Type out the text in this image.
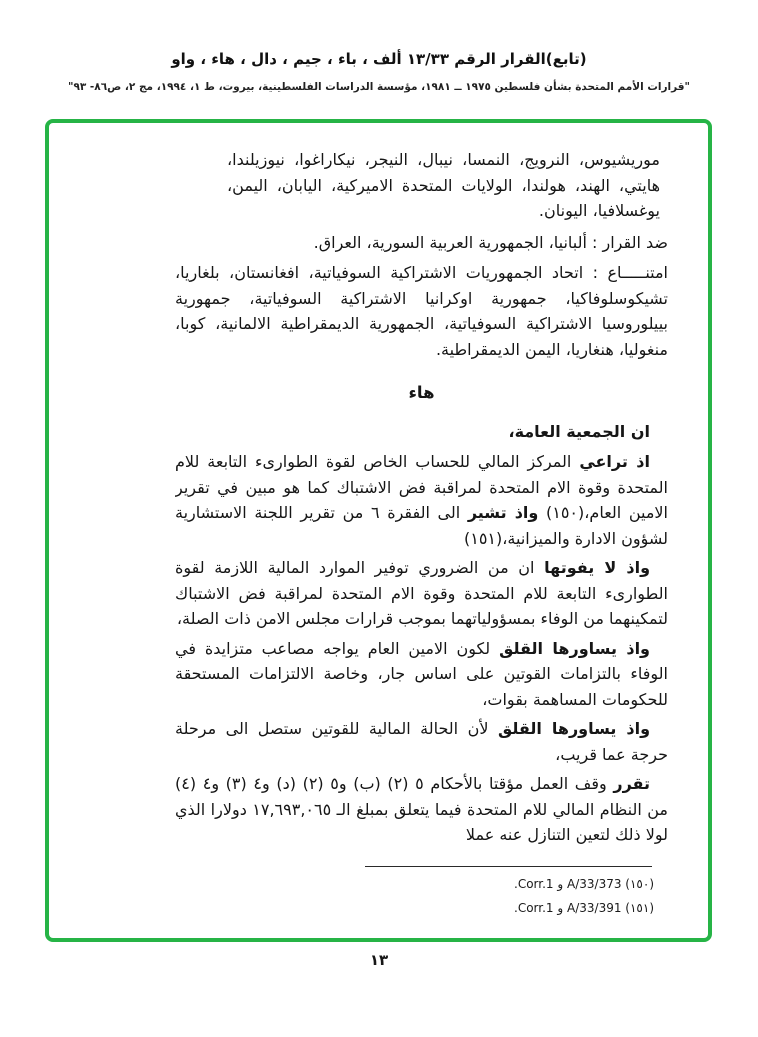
(تابع)القرار الرقم ١٣/٣٣ ألف ، باء ، جيم ، دال ، هاء ، واو
"قرارات الأمم المتحدة بشأن فلسطين ١٩٧٥ ــ ١٩٨١، مؤسسة الدراسات الفلسطينية، بيروت، ط ١، ١٩٩٤، مج ٢، ص٨٦- ٩٣"

موريشيوس، النرويج، النمسا، نيبال، النيجر، نيكاراغوا، نيوزيلندا، هايتي، الهند، هولندا، الولايات المتحدة الاميركية، اليابان، اليمن، يوغسلافيا، اليونان.

ضد القرار : ألبانيا، الجمهورية العربية السورية، العراق.

امتنـــــاع : اتحاد الجمهوريات الاشتراكية السوفياتية، افغانستان، بلغاريا، تشيكوسلوفاكيا، جمهورية اوكرانيا الاشتراكية السوفياتية، جمهورية بييلوروسيا الاشتراكية السوفياتية، الجمهورية الديمقراطية الالمانية، كوبا، منغوليا، هنغاريا، اليمن الديمقراطية.

هاء

ان الجمعية العامة،

اذ تراعي المركز المالي للحساب الخاص لقوة الطوارىء التابعة للام المتحدة وقوة الام المتحدة لمراقبة فض الاشتباك كما هو مبين في تقرير الامين العام،(١٥٠) واذ تشير الى الفقرة ٦ من تقرير اللجنة الاستشارية لشؤون الادارة والميزانية،(١٥١)

واذ لا يفوتها ان من الضروري توفير الموارد المالية اللازمة لقوة الطوارىء التابعة للام المتحدة وقوة الام المتحدة لمراقبة فض الاشتباك لتمكينهما من الوفاء بمسؤولياتهما بموجب قرارات مجلس الامن ذات الصلة،

واذ يساورها القلق لكون الامين العام يواجه مصاعب متزايدة في الوفاء بالتزامات القوتين على اساس جار، وخاصة الالتزامات المستحقة للحكومات المساهمة بقوات،

واذ يساورها القلق لأن الحالة المالية للقوتين ستصل الى مرحلة حرجة عما قريب،

تقرر وقف العمل مؤقتا بالأحكام ٥ (٢) (ب) و٥ (٢) (د) و٤ (٣) و٤ (٤) من النظام المالي للام المتحدة فيما يتعلق بمبلغ الـ ١٧,٦٩٣,٠٦٥ دولارا الذي لولا ذلك لتعين التنازل عنه عملا

(١٥٠) A/33/373 و Corr.1.
(١٥١) A/33/391 و Corr.1.
١٣
